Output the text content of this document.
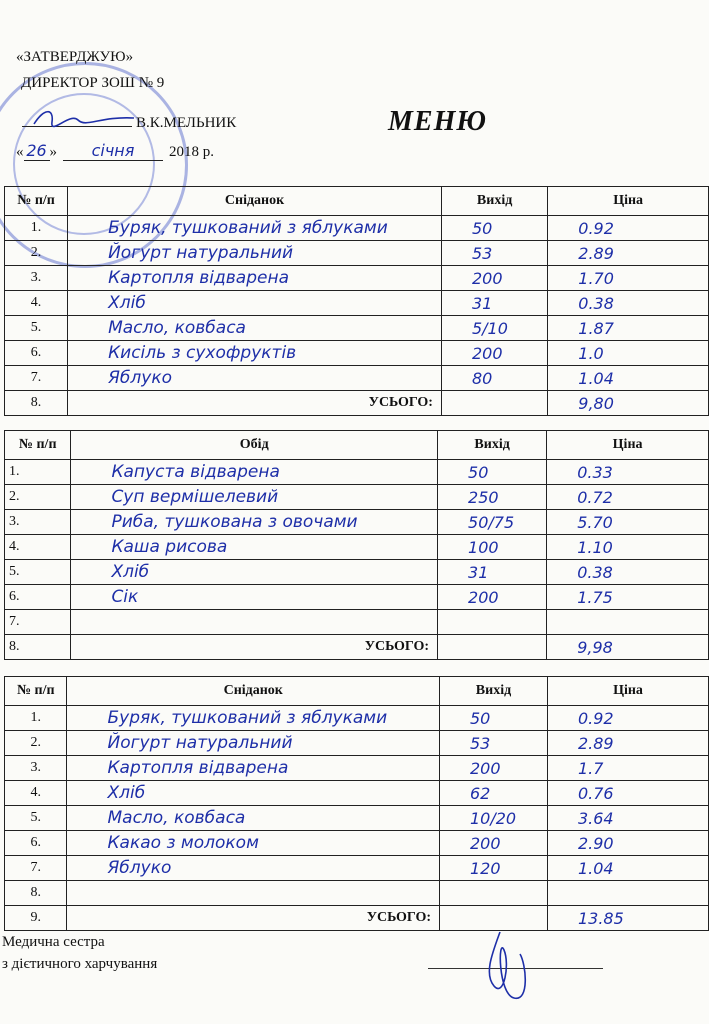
«ЗАТВЕРДЖУЮ»
ДИРЕКТОР ЗОШ № 9
В.К.МЕЛЬНИК
« 26 » січня 2018 р.
МЕНЮ
№ п/п	Сніданок	Вихід	Ціна
1.	Буряк, тушкований з яблуками	50	0.92
2.	Йогурт натуральний	53	2.89
3.	Картопля відварена	200	1.70
4.	Хліб	31	0.38
5.	Масло, ковбаса	5/10	1.87
6.	Кисіль з сухофруктів	200	1.0
7.	Яблуко	80	1.04
8.	УСЬОГО:		9,80
№ п/п	Обід	Вихід	Ціна
1.	Капуста відварена	50	0.33
2.	Суп вермішелевий	250	0.72
3.	Риба, тушкована з овочами	50/75	5.70
4.	Каша рисова	100	1.10
5.	Хліб	31	0.38
6.	Сік	200	1.75
7.			
8.	УСЬОГО:		9,98
№ п/п	Сніданок	Вихід	Ціна
1.	Буряк, тушкований з яблуками	50	0.92
2.	Йогурт натуральний	53	2.89
3.	Картопля відварена	200	1.7
4.	Хліб	62	0.76
5.	Масло, ковбаса	10/20	3.64
6.	Какао з молоком	200	2.90
7.	Яблуко	120	1.04
8.			
9.	УСЬОГО:		13.85
Медична сестра
з дієтичного харчування
